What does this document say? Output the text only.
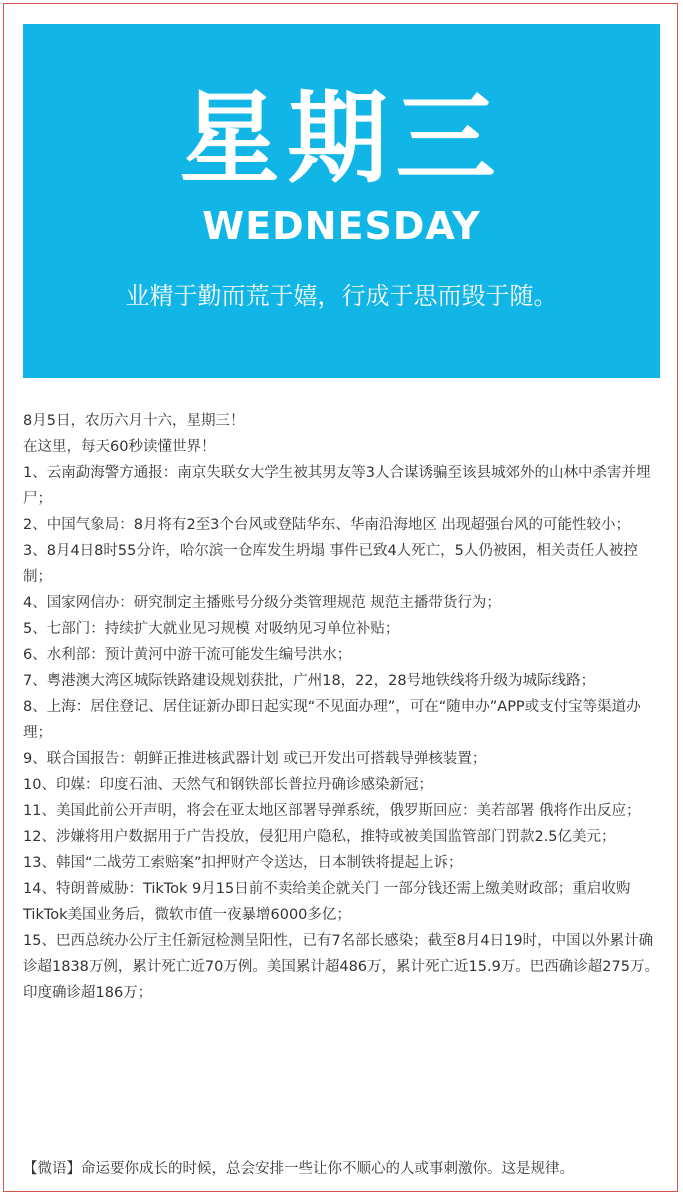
星期三
WEDNESDAY
业精于勤而荒于嬉，行成于思而毁于随。

8月5日，农历六月十六，星期三！

在这里，每天60秒读懂世界！

1、云南勐海警方通报：南京失联女大学生被其男友等3人合谋诱骗至该县城郊外的山林中杀害并埋尸；
2、中国气象局：8月将有2至3个台风或登陆华东、华南沿海地区 出现超强台风的可能性较小；
3、8月4日8时55分许，哈尔滨一仓库发生坍塌 事件已致4人死亡，5人仍被困，相关责任人被控制；
4、国家网信办：研究制定主播账号分级分类管理规范 规范主播带货行为；
5、七部门：持续扩大就业见习规模 对吸纳见习单位补贴；
6、水利部：预计黄河中游干流可能发生编号洪水；
7、粤港澳大湾区城际铁路建设规划获批，广州18，22，28号地铁线将升级为城际线路；
8、上海：居住登记、居住证新办即日起实现“不见面办理”，可在“随申办”APP或支付宝等渠道办理；
9、联合国报告：朝鲜正推进核武器计划 或已开发出可搭载导弹核装置；
10、印媒：印度石油、天然气和钢铁部长普拉丹确诊感染新冠；
11、美国此前公开声明，将会在亚太地区部署导弹系统，俄罗斯回应：美若部署 俄将作出反应；
12、涉嫌将用户数据用于广告投放，侵犯用户隐私，推特或被美国监管部门罚款2.5亿美元；
13、韩国“二战劳工索赔案”扣押财产令送达，日本制铁将提起上诉；
14、特朗普威胁：TikTok 9月15日前不卖给美企就关门 一部分钱还需上缴美财政部；重启收购TikTok美国业务后，微软市值一夜暴增6000多亿；
15、巴西总统办公厅主任新冠检测呈阳性，已有7名部长感染；截至8月4日19时，中国以外累计确诊超1838万例，累计死亡近70万例。美国累计超486万，累计死亡近15.9万。巴西确诊超275万。印度确诊超186万；
【微语】命运要你成长的时候，总会安排一些让你不顺心的人或事刺激你。这是规律。
